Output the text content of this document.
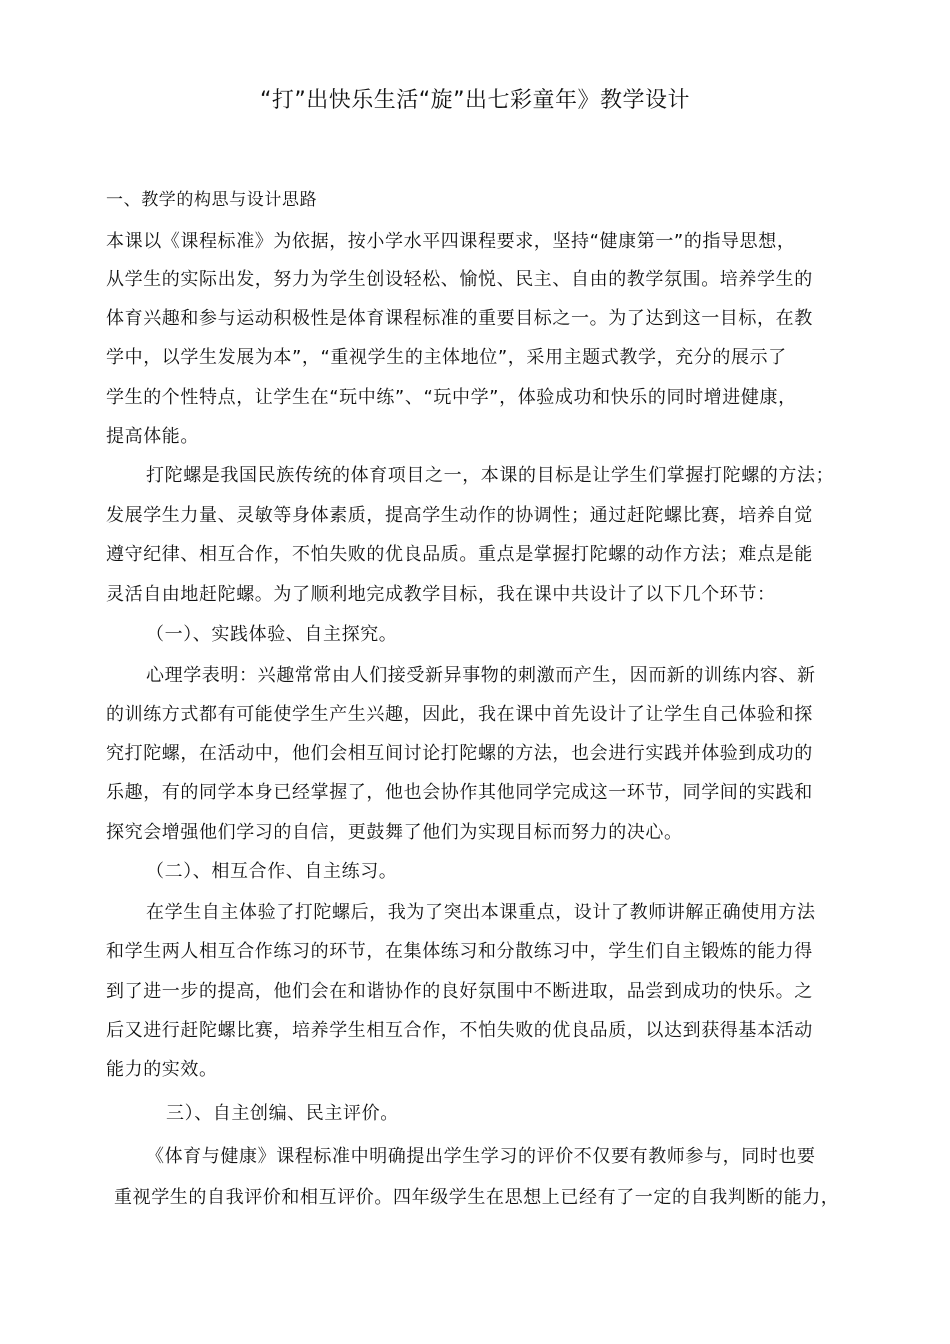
“打”出快乐生活“旋”出七彩童年》教学设计
一、教学的构思与设计思路
本课以《课程标准》为依据，按小学水平四课程要求，坚持“健康第一”的指导思想，
从学生的实际出发，努力为学生创设轻松、愉悦、民主、自由的教学氛围。培养学生的
体育兴趣和参与运动积极性是体育课程标准的重要目标之一。为了达到这一目标，在教
学中，以学生发展为本”，“重视学生的主体地位”，采用主题式教学，充分的展示了
学生的个性特点，让学生在“玩中练”、“玩中学”，体验成功和快乐的同时增进健康，
提高体能。
打陀螺是我国民族传统的体育项目之一，本课的目标是让学生们掌握打陀螺的方法；
发展学生力量、灵敏等身体素质，提高学生动作的协调性；通过赶陀螺比赛，培养自觉
遵守纪律、相互合作，不怕失败的优良品质。重点是掌握打陀螺的动作方法；难点是能
灵活自由地赶陀螺。为了顺利地完成教学目标，我在课中共设计了以下几个环节：
（一）、实践体验、自主探究。
心理学表明：兴趣常常由人们接受新异事物的刺激而产生，因而新的训练内容、新
的训练方式都有可能使学生产生兴趣，因此，我在课中首先设计了让学生自己体验和探
究打陀螺，在活动中，他们会相互间讨论打陀螺的方法，也会进行实践并体验到成功的
乐趣，有的同学本身已经掌握了，他也会协作其他同学完成这一环节，同学间的实践和
探究会增强他们学习的自信，更鼓舞了他们为实现目标而努力的决心。
（二）、相互合作、自主练习。
在学生自主体验了打陀螺后，我为了突出本课重点，设计了教师讲解正确使用方法
和学生两人相互合作练习的环节，在集体练习和分散练习中，学生们自主锻炼的能力得
到了进一步的提高，他们会在和谐协作的良好氛围中不断进取，品尝到成功的快乐。之
后又进行赶陀螺比赛，培养学生相互合作，不怕失败的优良品质，以达到获得基本活动
能力的实效。
三）、自主创编、民主评价。
《体育与健康》课程标准中明确提出学生学习的评价不仅要有教师参与，同时也要
重视学生的自我评价和相互评价。四年级学生在思想上已经有了一定的自我判断的能力，
